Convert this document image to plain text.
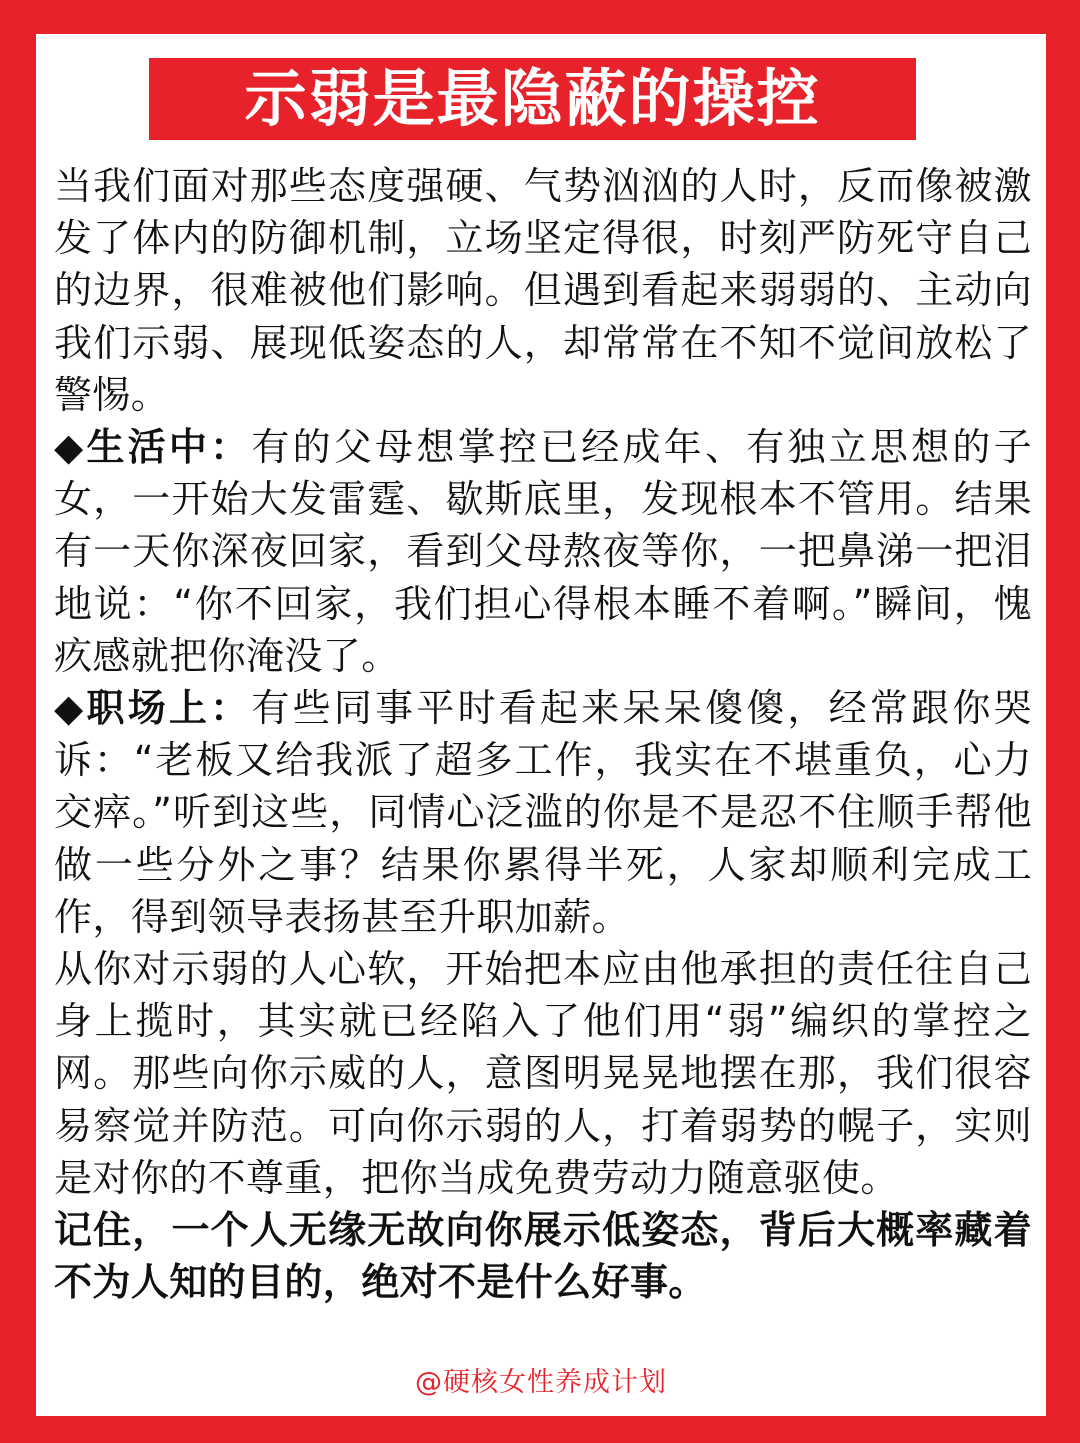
示弱是最隐蔽的操控

当我们面对那些态度强硬、气势汹汹的人时，反而像被激发了体内的防御机制，立场坚定得很，时刻严防死守自己的边界，很难被他们影响。但遇到看起来弱弱的、主动向我们示弱、展现低姿态的人，却常常在不知不觉间放松了警惕。

◆生活中：有的父母想掌控已经成年、有独立思想的子女，一开始大发雷霆、歇斯底里，发现根本不管用。结果有一天你深夜回家，看到父母熬夜等你，一把鼻涕一把泪地说：“你不回家，我们担心得根本睡不着啊。”瞬间，愧疚感就把你淹没了。

◆职场上：有些同事平时看起来呆呆傻傻，经常跟你哭诉：“老板又给我派了超多工作，我实在不堪重负，心力交瘁。”听到这些，同情心泛滥的你是不是忍不住顺手帮他做一些分外之事？结果你累得半死，人家却顺利完成工作，得到领导表扬甚至升职加薪。

从你对示弱的人心软，开始把本应由他承担的责任往自己身上揽时，其实就已经陷入了他们用“弱”编织的掌控之网。那些向你示威的人，意图明晃晃地摆在那，我们很容易察觉并防范。可向你示弱的人，打着弱势的幌子，实则是对你的不尊重，把你当成免费劳动力随意驱使。

记住，一个人无缘无故向你展示低姿态，背后大概率藏着不为人知的目的，绝对不是什么好事。

@硬核女性养成计划
